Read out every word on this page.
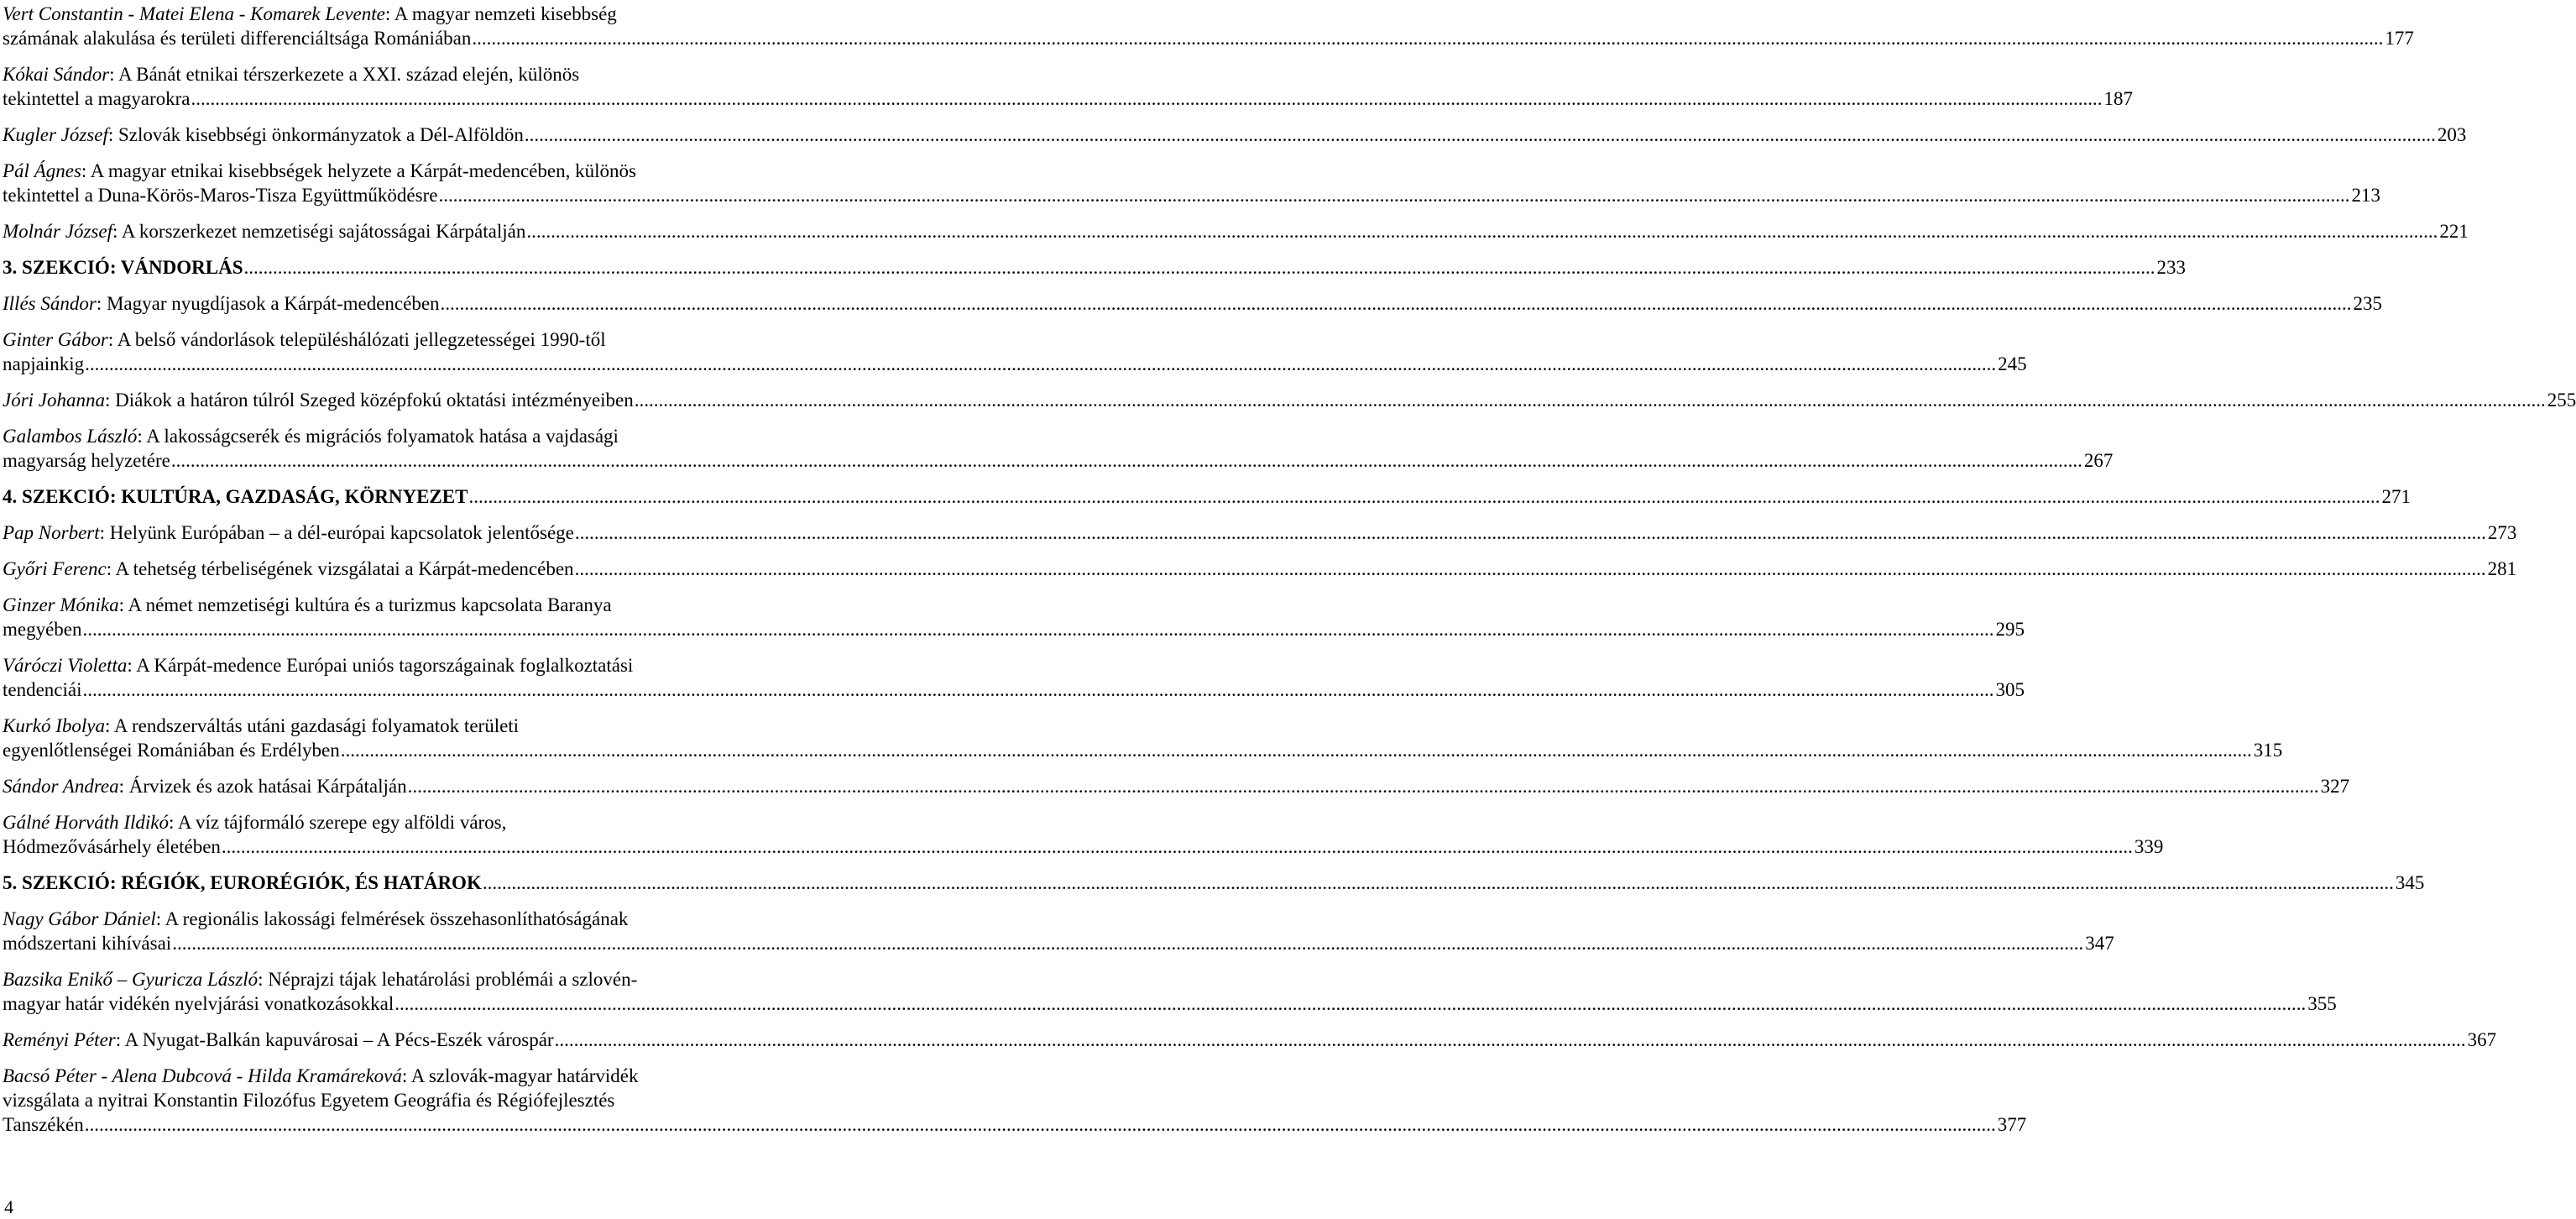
Vert Constantin - Matei Elena - Komarek Levente: A magyar nemzeti kisebbség
számának alakulása és területi differenciáltsága Romániában .....	177
Kókai Sándor: A Bánát etnikai térszerkezete a XXI. század elején, különös
tekintettel a magyarokra .....	187
Kugler József: Szlovák kisebbségi önkormányzatok a Dél-Alföldön .....	203
Pál Ágnes: A magyar etnikai kisebbségek helyzete a Kárpát-medencében, különös
tekintettel a Duna-Körös-Maros-Tisza Együttműködésre .....	213
Molnár József: A korszerkezet nemzetiségi sajátosságai Kárpátalján .....	221
3. SZEKCIÓ: VÁNDORLÁS .....	233
Illés Sándor: Magyar nyugdíjasok a Kárpát-medencében .....	235
Ginter Gábor: A belső vándorlások településhálózati jellegzetességei 1990-től
napjainkig .....	245
Jóri Johanna: Diákok a határon túlról Szeged középfokú oktatási intézményeiben .....	255
Galambos László: A lakosságcserék és migrációs folyamatok hatása a vajdasági
magyarság helyzetére .....	267
4. SZEKCIÓ: KULTÚRA, GAZDASÁG, KÖRNYEZET .....	271
Pap Norbert: Helyünk Európában – a dél-európai kapcsolatok jelentősége .....	273
Győri Ferenc: A tehetség térbeliségének vizsgálatai a Kárpát-medencében .....	281
Ginzer Mónika: A német nemzetiségi kultúra és a turizmus kapcsolata Baranya
megyében .....	295
Váróczi Violetta: A Kárpát-medence Európai uniós tagországainak foglalkoztatási
tendenciái .....	305
Kurkó Ibolya: A rendszerváltás utáni gazdasági folyamatok területi
egyenlőtlenségei Romániában és Erdélyben .....	315
Sándor Andrea: Árvizek és azok hatásai Kárpátalján .....	327
Gálné Horváth Ildikó: A víz tájformáló szerepe egy alföldi város,
Hódmezővásárhely életében .....	339
5. SZEKCIÓ: RÉGIÓK, EURORÉGIÓK, ÉS HATÁROK .....	345
Nagy Gábor Dániel: A regionális lakossági felmérések összehasonlíthatóságának
módszertani kihívásai .....	347
Bazsika Enikő – Gyuricza László: Néprajzi tájak lehatárolási problémái a szlovén-
magyar határ vidékén nyelvjárási vonatkozásokkal .....	355
Reményi Péter: A Nyugat-Balkán kapuvárosai – A Pécs-Eszék várospár .....	367
Bacsó Péter - Alena Dubcová - Hilda Kramáreková: A szlovák-magyar határvidék
vizsgálata a nyitrai Konstantin Filozófus Egyetem Geográfia és Régiófejlesztés
Tanszékén .....	377
4
